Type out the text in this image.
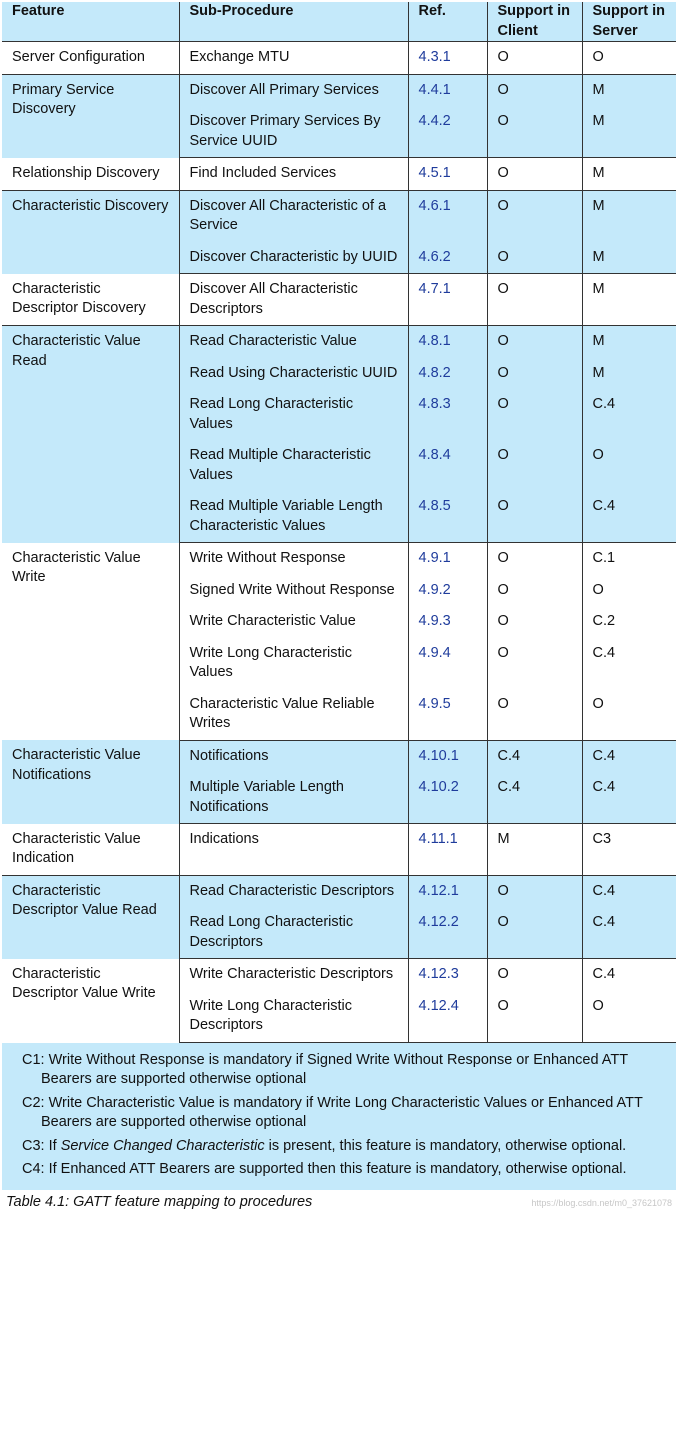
Feature	Sub-Procedure	Ref.	Support in Client	Support in Server
Server Configuration	Exchange MTU	4.3.1	O	O
Primary Service Discovery	Discover All Primary Services	4.4.1	O	M
	Discover Primary Services By Service UUID	4.4.2	O	M
Relationship Discovery	Find Included Services	4.5.1	O	M
Characteristic Discovery	Discover All Characteristic of a Service	4.6.1	O	M
	Discover Characteristic by UUID	4.6.2	O	M
Characteristic Descriptor Discovery	Discover All Characteristic Descriptors	4.7.1	O	M
Characteristic Value Read	Read Characteristic Value	4.8.1	O	M
	Read Using Characteristic UUID	4.8.2	O	M
	Read Long Characteristic Values	4.8.3	O	C.4
	Read Multiple Characteristic Values	4.8.4	O	O
	Read Multiple Variable Length Characteristic Values	4.8.5	O	C.4
Characteristic Value Write	Write Without Response	4.9.1	O	C.1
	Signed Write Without Response	4.9.2	O	O
	Write Characteristic Value	4.9.3	O	C.2
	Write Long Characteristic Values	4.9.4	O	C.4
	Characteristic Value Reliable Writes	4.9.5	O	O
Characteristic Value Notifications	Notifications	4.10.1	C.4	C.4
	Multiple Variable Length Notifications	4.10.2	C.4	C.4
Characteristic Value Indication	Indications	4.11.1	M	C3
Characteristic Descriptor Value Read	Read Characteristic Descriptors	4.12.1	O	C.4
	Read Long Characteristic Descriptors	4.12.2	O	C.4
Characteristic Descriptor Value Write	Write Characteristic Descriptors	4.12.3	O	C.4
	Write Long Characteristic Descriptors	4.12.4	O	O
C1: Write Without Response is mandatory if Signed Write Without Response or Enhanced ATT Bearers are supported otherwise optional
C2: Write Characteristic Value is mandatory if Write Long Characteristic Values or Enhanced ATT Bearers are supported otherwise optional
C3: If Service Changed Characteristic is present, this feature is mandatory, otherwise optional.
C4: If Enhanced ATT Bearers are supported then this feature is mandatory, otherwise optional.
Table 4.1: GATT feature mapping to procedures	https://blog.csdn.net/m0_37621078
